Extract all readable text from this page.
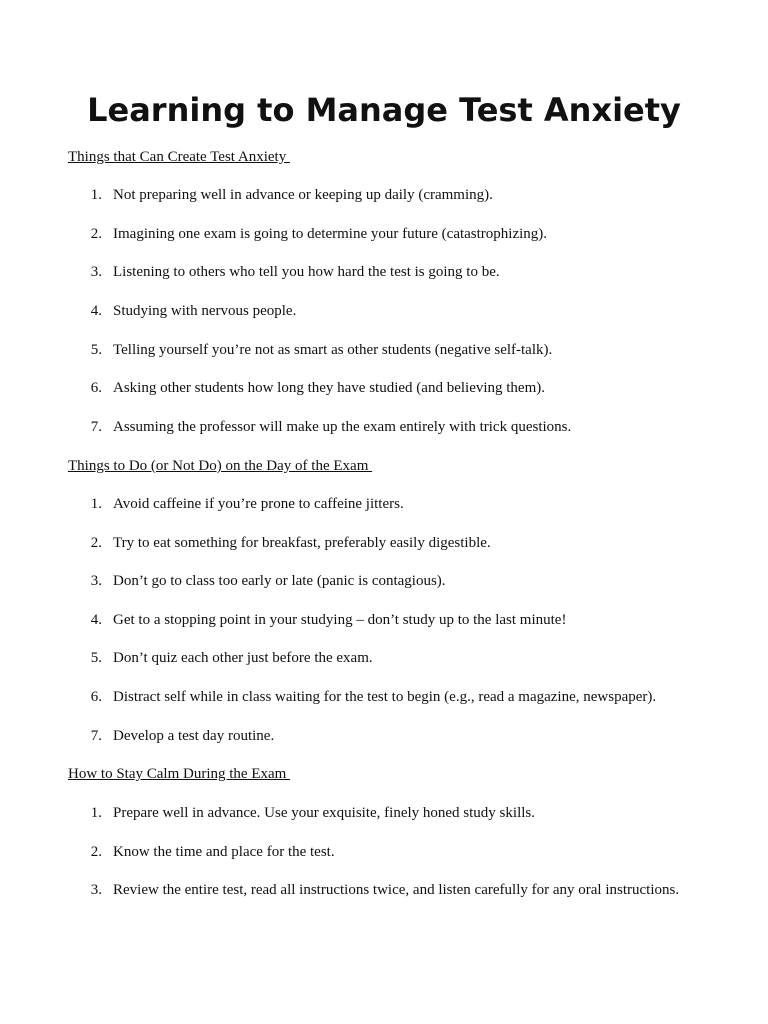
Learning to Manage Test Anxiety
Things that Can Create Test Anxiety
1. Not preparing well in advance or keeping up daily (cramming).
2. Imagining one exam is going to determine your future (catastrophizing).
3. Listening to others who tell you how hard the test is going to be.
4. Studying with nervous people.
5. Telling yourself you’re not as smart as other students (negative self-talk).
6. Asking other students how long they have studied (and believing them).
7. Assuming the professor will make up the exam entirely with trick questions.
Things to Do (or Not Do) on the Day of the Exam
1. Avoid caffeine if you’re prone to caffeine jitters.
2. Try to eat something for breakfast, preferably easily digestible.
3. Don’t go to class too early or late (panic is contagious).
4. Get to a stopping point in your studying – don’t study up to the last minute!
5. Don’t quiz each other just before the exam.
6. Distract self while in class waiting for the test to begin (e.g., read a magazine, newspaper).
7. Develop a test day routine.
How to Stay Calm During the Exam
1. Prepare well in advance. Use your exquisite, finely honed study skills.
2. Know the time and place for the test.
3. Review the entire test, read all instructions twice, and listen carefully for any oral instructions.
